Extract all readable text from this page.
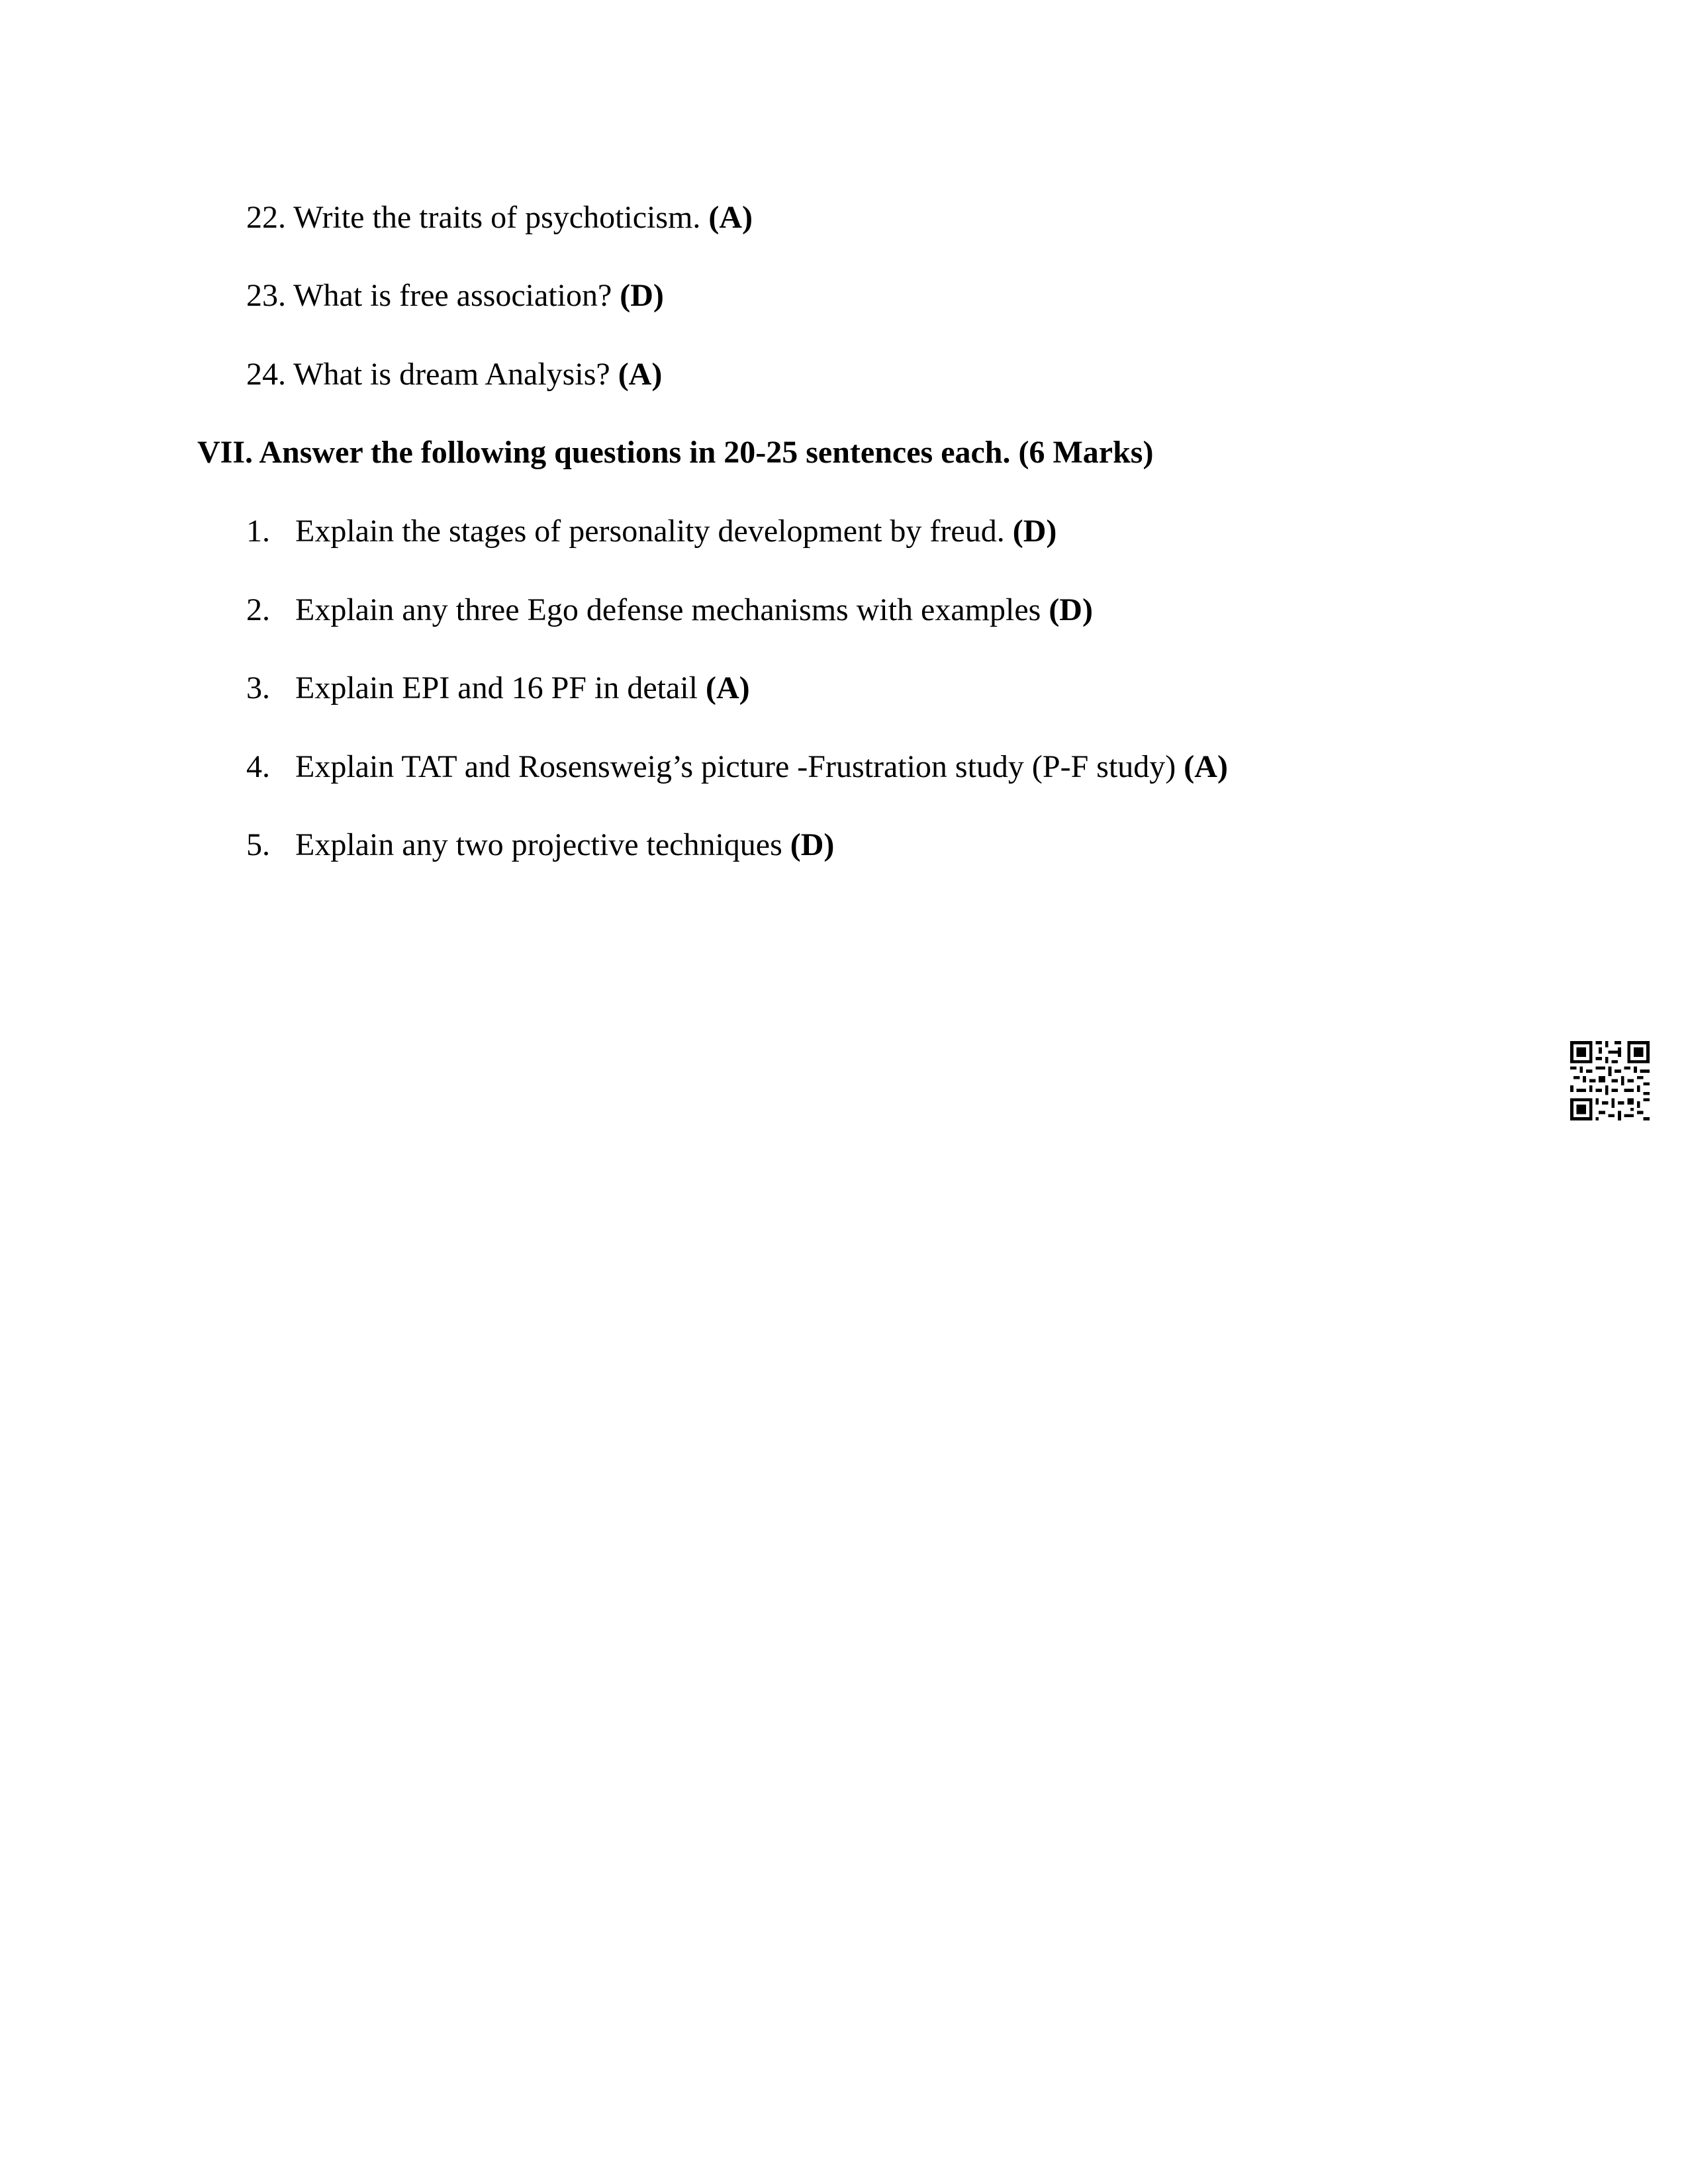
22. Write the traits of psychoticism. (A)
23. What is free association? (D)
24. What is dream Analysis? (A)
VII. Answer the following questions in 20-25 sentences each. (6 Marks)
1. Explain the stages of personality development by freud. (D)
2. Explain any three Ego defense mechanisms with examples (D)
3. Explain EPI and 16 PF in detail (A)
4. Explain TAT and Rosensweig’s picture -Frustration study (P-F study) (A)
5. Explain any two projective techniques (D)
